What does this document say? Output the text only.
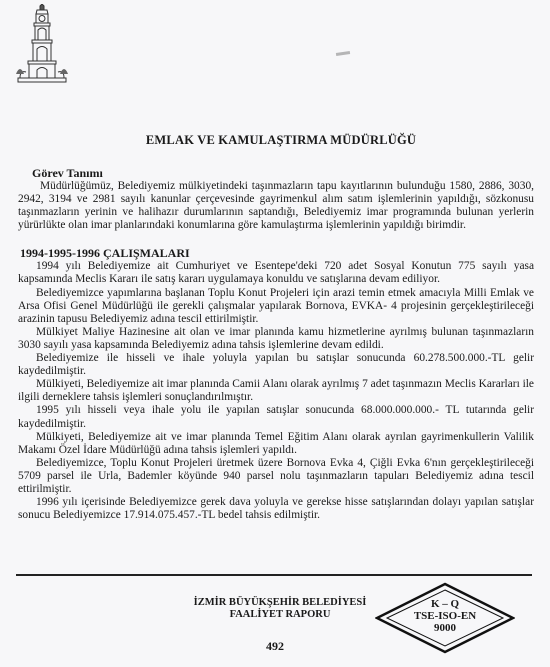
EMLAK VE KAMULAŞTIRMA MÜDÜRLÜĞÜ
Görev Tanımı

Müdürlüğümüz, Belediyemiz mülkiyetindeki taşınmazların tapu kayıtlarının bulunduğu 1580, 2886, 3030, 2942, 3194 ve 2981 sayılı kanunlar çerçevesinde gayrimenkul alım satım işlemlerinin yapıldığı, sözkonusu taşınmazların yerinin ve halihazır durumlarının saptandığı, Belediyemiz imar programında bulunan yerlerin yürürlükte olan imar planlarındaki konumlarına göre kamulaştırma işlemlerinin yapıldığı birimdir.

1994-1995-1996 ÇALIŞMALARI

1994 yılı Belediyemize ait Cumhuriyet ve Esentepe'deki 720 adet Sosyal Konutun 775 sayılı yasa kapsamında Meclis Kararı ile satış kararı uygulamaya konuldu ve satışlarına devam ediliyor.

Belediyemizce yapımlarına başlanan Toplu Konut Projeleri için arazi temin etmek amacıyla Milli Emlak ve Arsa Ofisi Genel Müdürlüğü ile gerekli çalışmalar yapılarak Bornova, EVKA- 4 projesinin gerçekleştirileceği arazinin tapusu Belediyemiz adına tescil ettirilmiştir.

Mülkiyet Maliye Hazinesine ait olan ve imar planında kamu hizmetlerine ayrılmış bulunan taşınmazların 3030 sayılı yasa kapsamında Belediyemiz adına tahsis işlemlerine devam edildi.

Belediyemize ile hisseli ve ihale yoluyla yapılan bu satışlar sonucunda 60.278.500.000.-TL gelir kaydedilmiştir.

Mülkiyeti, Belediyemize ait imar planında Camii Alanı olarak ayrılmış 7 adet taşınmazın Meclis Kararları ile ilgili derneklere tahsis işlemleri sonuçlandırılmıştır.

1995 yılı hisseli veya ihale yolu ile yapılan satışlar sonucunda 68.000.000.000.- TL tutarında gelir kaydedilmiştir.

Mülkiyeti, Belediyemize ait ve imar planında Temel Eğitim Alanı olarak ayrılan gayrimenkullerin Valilik Makamı Özel İdare Müdürlüğü adına tahsis işlemleri yapıldı.

Belediyemizce, Toplu Konut Projeleri üretmek üzere Bornova Evka 4, Çiğli Evka 6'nın gerçekleştirileceği 5709 parsel ile Urla, Bademler köyünde 940 parsel nolu taşınmazların tapuları Belediyemiz adına tescil ettirilmiştir.

1996 yılı içerisinde Belediyemizce gerek dava yoluyla ve gerekse hisse satışlarından dolayı yapılan satışlar sonucu Belediyemizce 17.914.075.457.-TL bedel tahsis edilmiştir.

İZMİR BÜYÜKŞEHİR BELEDİYESİ
FAALİYET RAPORU
492
K – Q
TSE-ISO-EN
9000
